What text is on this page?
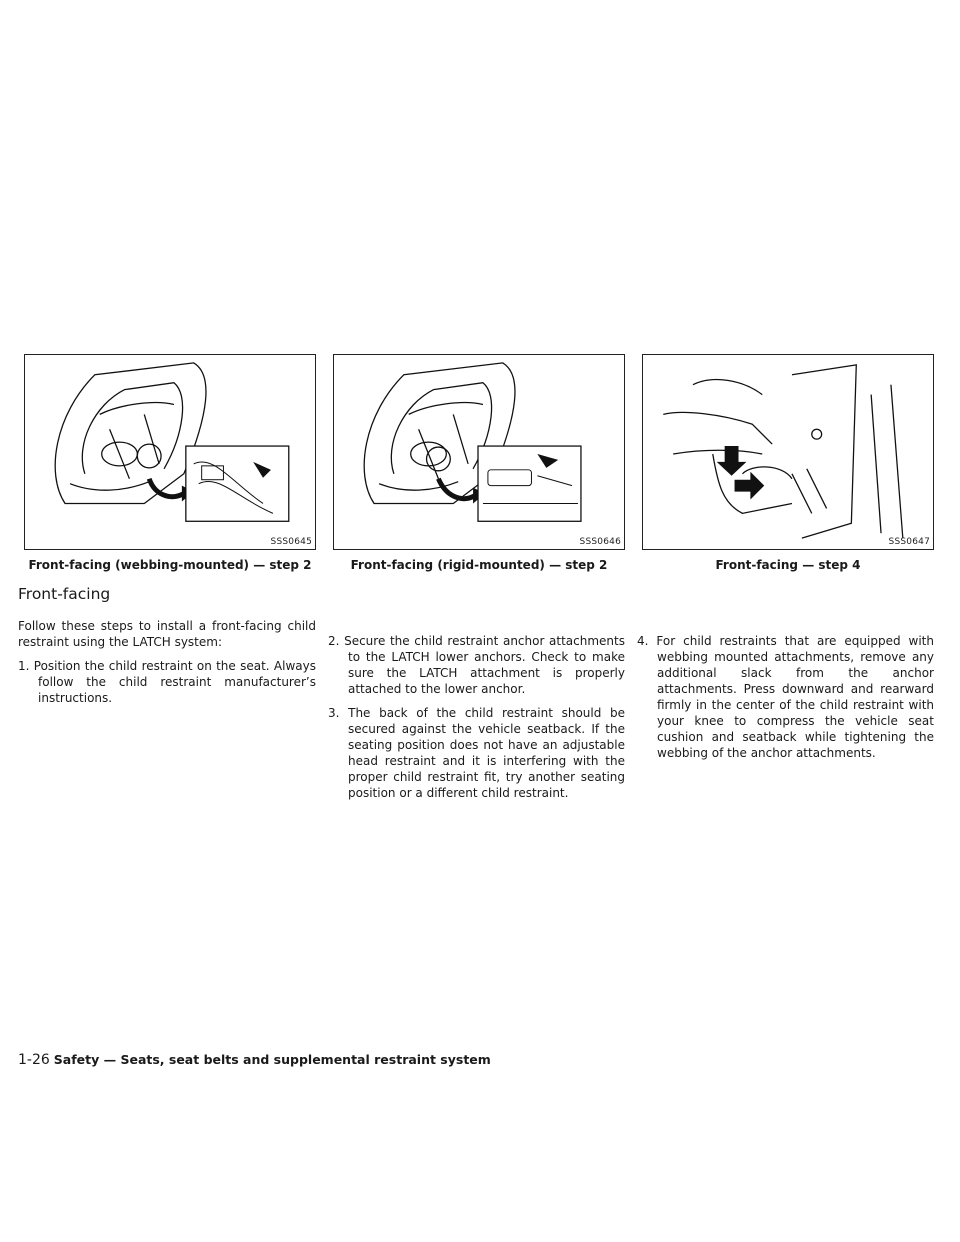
SSS0645
Front-facing (webbing-mounted) — step 2
SSS0646
Front-facing (rigid-mounted) — step 2
SSS0647
Front-facing — step 4
Front-facing

Follow these steps to install a front-facing child restraint using the LATCH system:

1. Position the child restraint on the seat. Always follow the child restraint manufacturer’s instructions.

2. Secure the child restraint anchor attachments to the LATCH lower anchors. Check to make sure the LATCH attachment is properly attached to the lower anchor.

3. The back of the child restraint should be secured against the vehicle seatback. If the seating position does not have an adjustable head restraint and it is interfering with the proper child restraint fit, try another seating position or a different child restraint.

4. For child restraints that are equipped with webbing mounted attachments, remove any additional slack from the anchor attachments. Press downward and rearward firmly in the center of the child restraint with your knee to compress the vehicle seat cushion and seatback while tightening the webbing of the anchor attachments.

1-26 Safety — Seats, seat belts and supplemental restraint system
